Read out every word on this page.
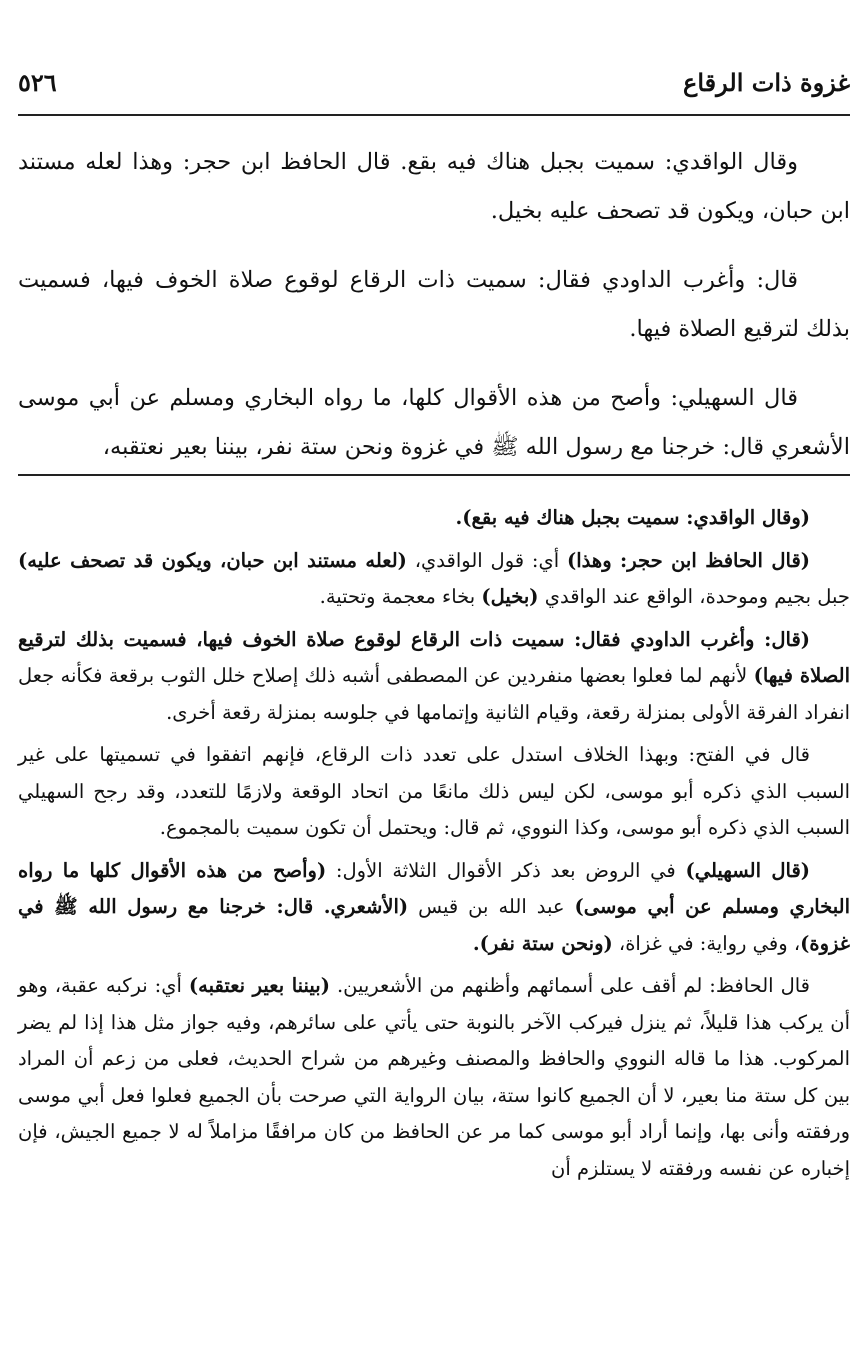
غزوة ذات الرقاع
٥٢٦

وقال الواقدي: سميت بجبل هناك فيه بقع. قال الحافظ ابن حجر: وهذا لعله مستند ابن حبان، ويكون قد تصحف عليه بخيل.

قال: وأغرب الداودي فقال: سميت ذات الرقاع لوقوع صلاة الخوف فيها، فسميت بذلك لترقيع الصلاة فيها.

قال السهيلي: وأصح من هذه الأقوال كلها، ما رواه البخاري ومسلم عن أبي موسى الأشعري قال: خرجنا مع رسول الله ﷺ في غزوة ونحن ستة نفر، بيننا بعير نعتقبه،

(وقال الواقدي: سميت بجبل هناك فيه بقع).

(قال الحافظ ابن حجر: وهذا) أي: قول الواقدي، (لعله مستند ابن حبان، ويكون قد تصحف عليه) جبل بجيم وموحدة، الواقع عند الواقدي (بخيل) بخاء معجمة وتحتية.

(قال: وأغرب الداودي فقال: سميت ذات الرقاع لوقوع صلاة الخوف فيها، فسميت بذلك لترقيع الصلاة فيها) لأنهم لما فعلوا بعضها منفردين عن المصطفى أشبه ذلك إصلاح خلل الثوب برقعة فكأنه جعل انفراد الفرقة الأولى بمنزلة رقعة، وقيام الثانية وإتمامها في جلوسه بمنزلة رقعة أخرى.

قال في الفتح: وبهذا الخلاف استدل على تعدد ذات الرقاع، فإنهم اتفقوا في تسميتها على غير السبب الذي ذكره أبو موسى، لكن ليس ذلك مانعًا من اتحاد الوقعة ولازمًا للتعدد، وقد رجح السهيلي السبب الذي ذكره أبو موسى، وكذا النووي، ثم قال: ويحتمل أن تكون سميت بالمجموع.

(قال السهيلي) في الروض بعد ذكر الأقوال الثلاثة الأول: (وأصح من هذه الأقوال كلها ما رواه البخاري ومسلم عن أبي موسى) عبد الله بن قيس (الأشعري. قال: خرجنا مع رسول الله ﷺ في غزوة)، وفي رواية: في غزاة، (ونحن ستة نفر).

قال الحافظ: لم أقف على أسمائهم وأظنهم من الأشعريين. (بيننا بعير نعتقبه) أي: نركبه عقبة، وهو أن يركب هذا قليلاً، ثم ينزل فيركب الآخر بالنوبة حتى يأتي على سائرهم، وفيه جواز مثل هذا إذا لم يضر المركوب. هذا ما قاله النووي والحافظ والمصنف وغيرهم من شراح الحديث، فعلى من زعم أن المراد بين كل ستة منا بعير، لا أن الجميع كانوا ستة، بيان الرواية التي صرحت بأن الجميع فعلوا فعل أبي موسى ورفقته وأنى بها، وإنما أراد أبو موسى كما مر عن الحافظ من كان مرافقًا مزاملاً له لا جميع الجيش، فإن إخباره عن نفسه ورفقته لا يستلزم أن
